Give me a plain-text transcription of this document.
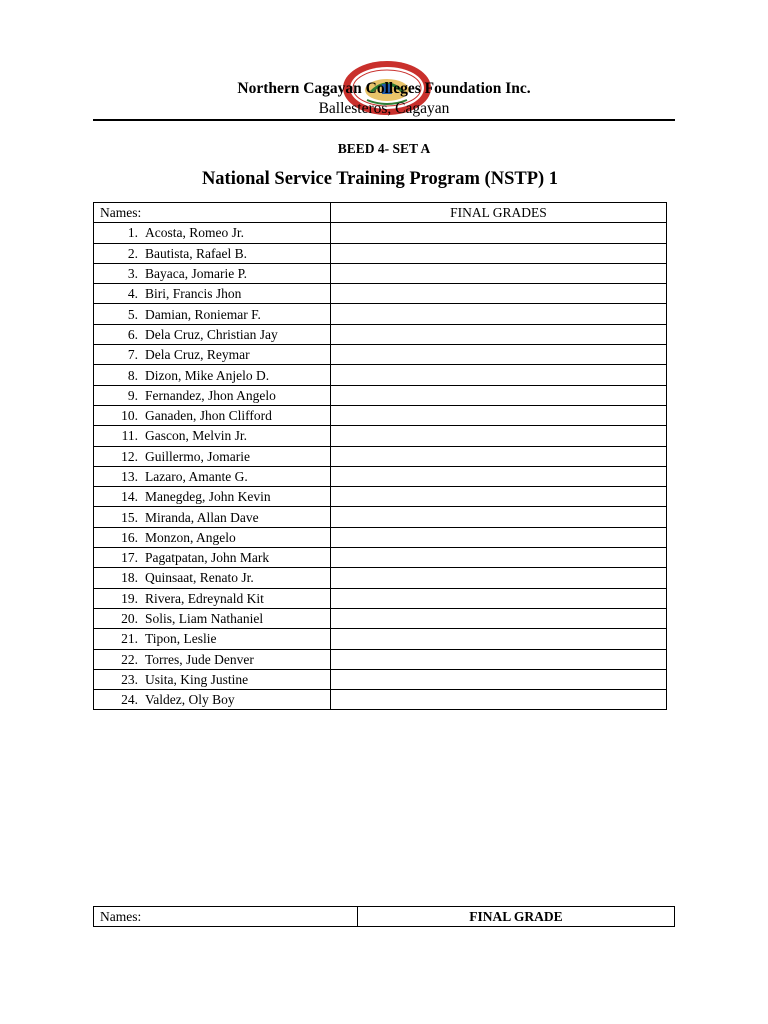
Northern Cagayan Colleges Foundation Inc.
Ballesteros, Cagayan
BEED 4- SET A
National Service Training Program (NSTP) 1
Names:	FINAL GRADES
1. Acosta, Romeo Jr.	
2. Bautista, Rafael B.	
3. Bayaca, Jomarie P.	
4. Biri, Francis Jhon	
5. Damian, Roniemar F.	
6. Dela Cruz, Christian Jay	
7. Dela Cruz, Reymar	
8. Dizon, Mike Anjelo D.	
9. Fernandez, Jhon Angelo	
10. Ganaden, Jhon Clifford	
11. Gascon, Melvin Jr.	
12. Guillermo, Jomarie	
13. Lazaro, Amante G.	
14. Manegdeg, John Kevin	
15. Miranda, Allan Dave	
16. Monzon, Angelo	
17. Pagatpatan, John Mark	
18. Quinsaat, Renato Jr.	
19. Rivera, Edreynald Kit	
20. Solis, Liam Nathaniel	
21. Tipon, Leslie	
22. Torres, Jude Denver	
23. Usita, King Justine	
24. Valdez, Oly Boy	
Names:	FINAL GRADE
